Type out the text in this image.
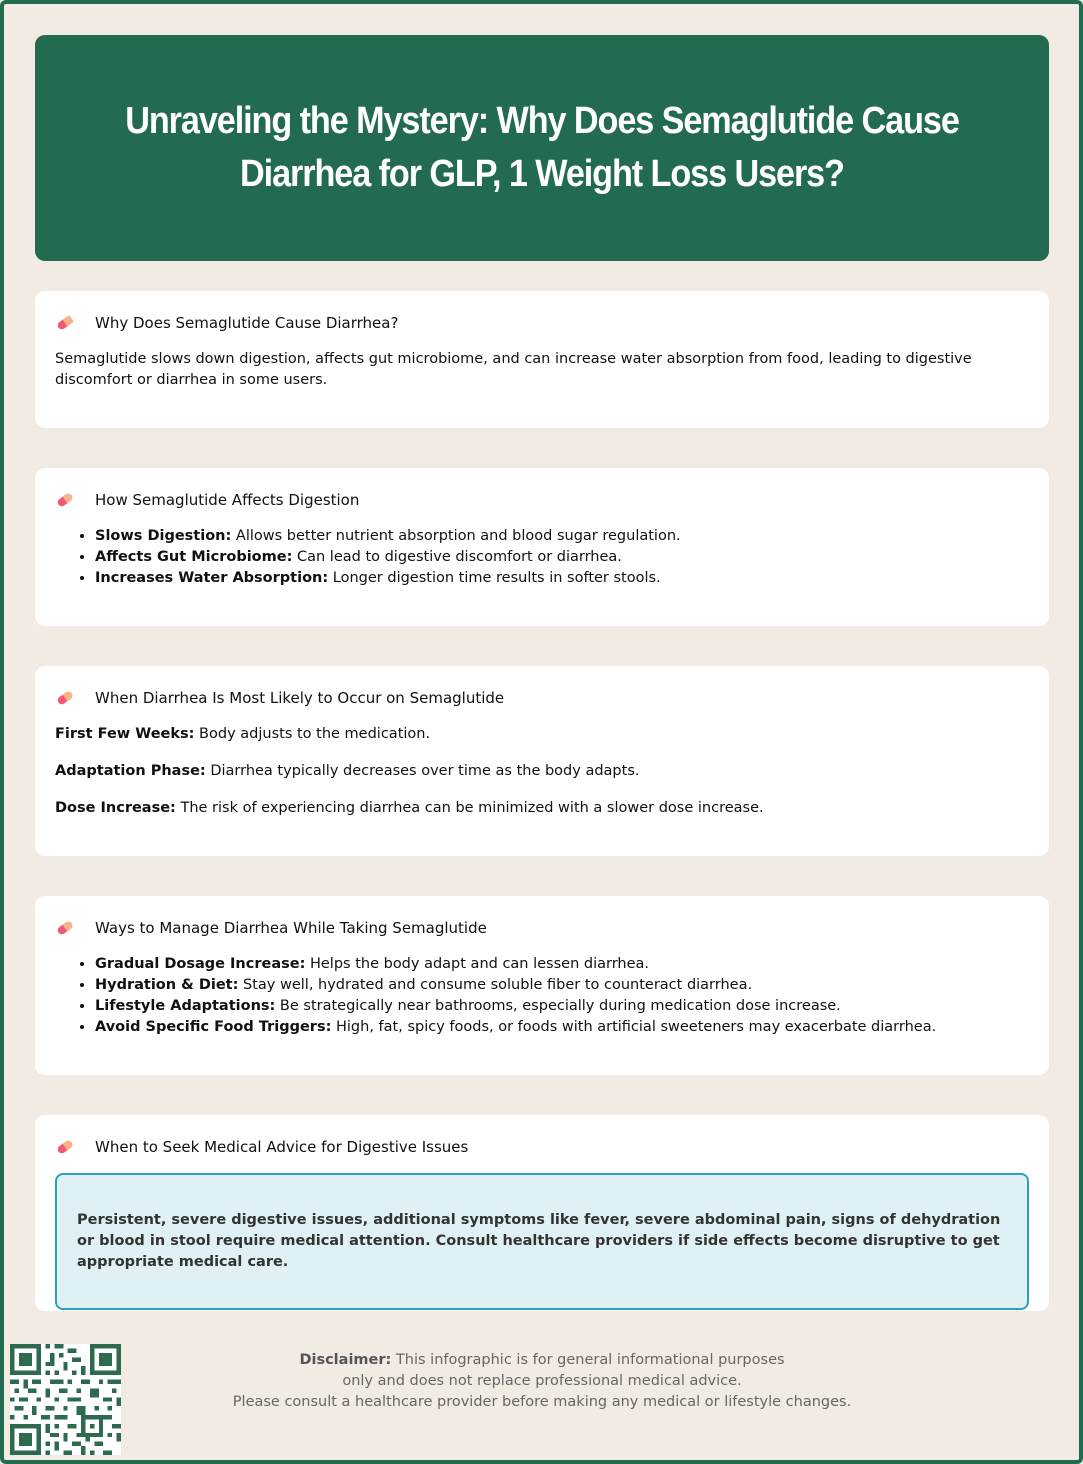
Unraveling the Mystery: Why Does Semaglutide Cause Diarrhea for GLP, 1 Weight Loss Users?
Why Does Semaglutide Cause Diarrhea?

Semaglutide slows down digestion, affects gut microbiome, and can increase water absorption from food, leading to digestive discomfort or diarrhea in some users.

How Semaglutide Affects Digestion
• Slows Digestion: Allows better nutrient absorption and blood sugar regulation.
• Affects Gut Microbiome: Can lead to digestive discomfort or diarrhea.
• Increases Water Absorption: Longer digestion time results in softer stools.
When Diarrhea Is Most Likely to Occur on Semaglutide

First Few Weeks: Body adjusts to the medication.

Adaptation Phase: Diarrhea typically decreases over time as the body adapts.

Dose Increase: The risk of experiencing diarrhea can be minimized with a slower dose increase.

Ways to Manage Diarrhea While Taking Semaglutide
• Gradual Dosage Increase: Helps the body adapt and can lessen diarrhea.
• Hydration & Diet: Stay well, hydrated and consume soluble fiber to counteract diarrhea.
• Lifestyle Adaptations: Be strategically near bathrooms, especially during medication dose increase.
• Avoid Specific Food Triggers: High, fat, spicy foods, or foods with artificial sweeteners may exacerbate diarrhea.
When to Seek Medical Advice for Digestive Issues
Persistent, severe digestive issues, additional symptoms like fever, severe abdominal pain, signs of dehydration or blood in stool require medical attention. Consult healthcare providers if side effects become disruptive to get appropriate medical care.
Disclaimer: This infographic is for general informational purposes
only and does not replace professional medical advice.
Please consult a healthcare provider before making any medical or lifestyle changes.
